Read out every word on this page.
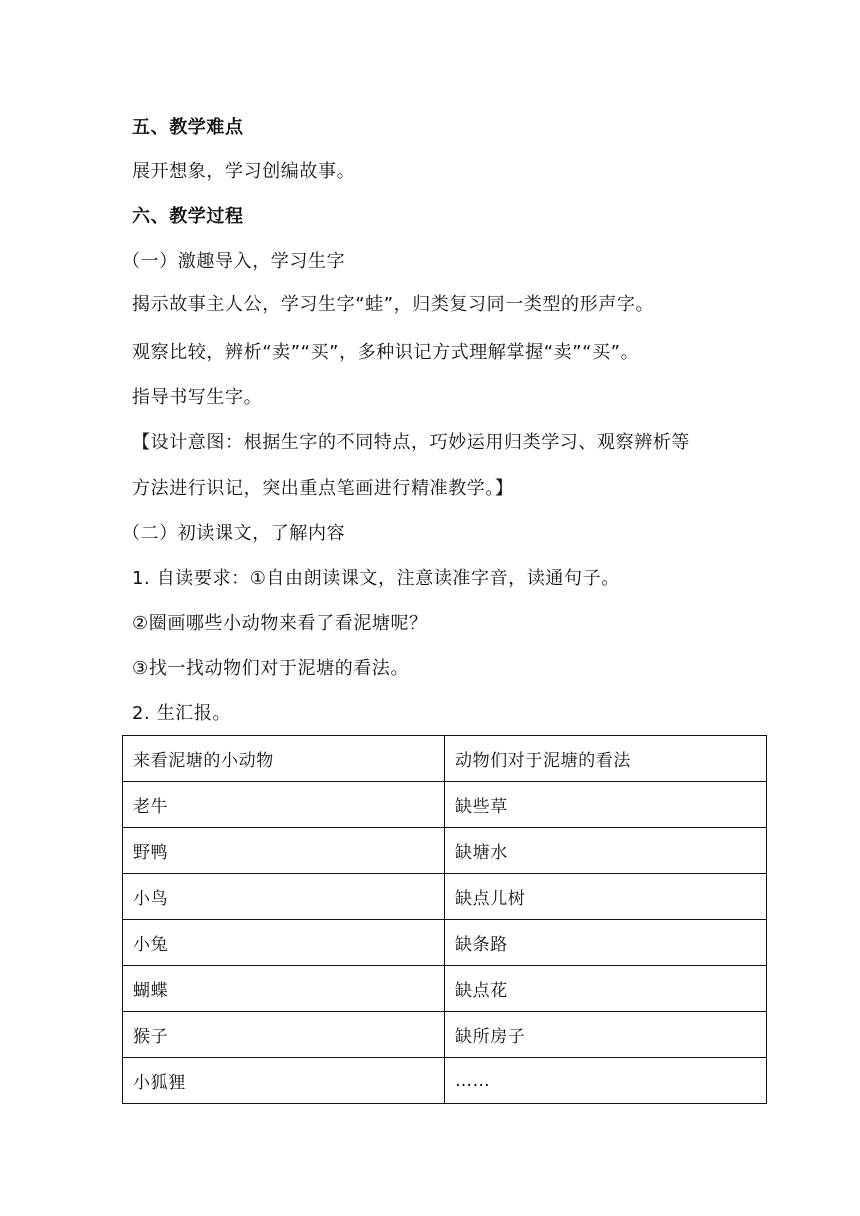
五、教学难点
展开想象，学习创编故事。
六、教学过程
（一）激趣导入，学习生字
揭示故事主人公，学习生字“蛙”，归类复习同一类型的形声字。
观察比较，辨析“卖”“买”，多种识记方式理解掌握“卖”“买”。
指导书写生字。
【设计意图：根据生字的不同特点，巧妙运用归类学习、观察辨析等
方法进行识记，突出重点笔画进行精准教学。】
（二）初读课文，了解内容
1. 自读要求：①自由朗读课文，注意读准字音，读通句子。
②圈画哪些小动物来看了看泥塘呢？
③找一找动物们对于泥塘的看法。
2. 生汇报。
来看泥塘的小动物	动物们对于泥塘的看法
老牛	缺些草
野鸭	缺塘水
小鸟	缺点儿树
小兔	缺条路
蝴蝶	缺点花
猴子	缺所房子
小狐狸	……
